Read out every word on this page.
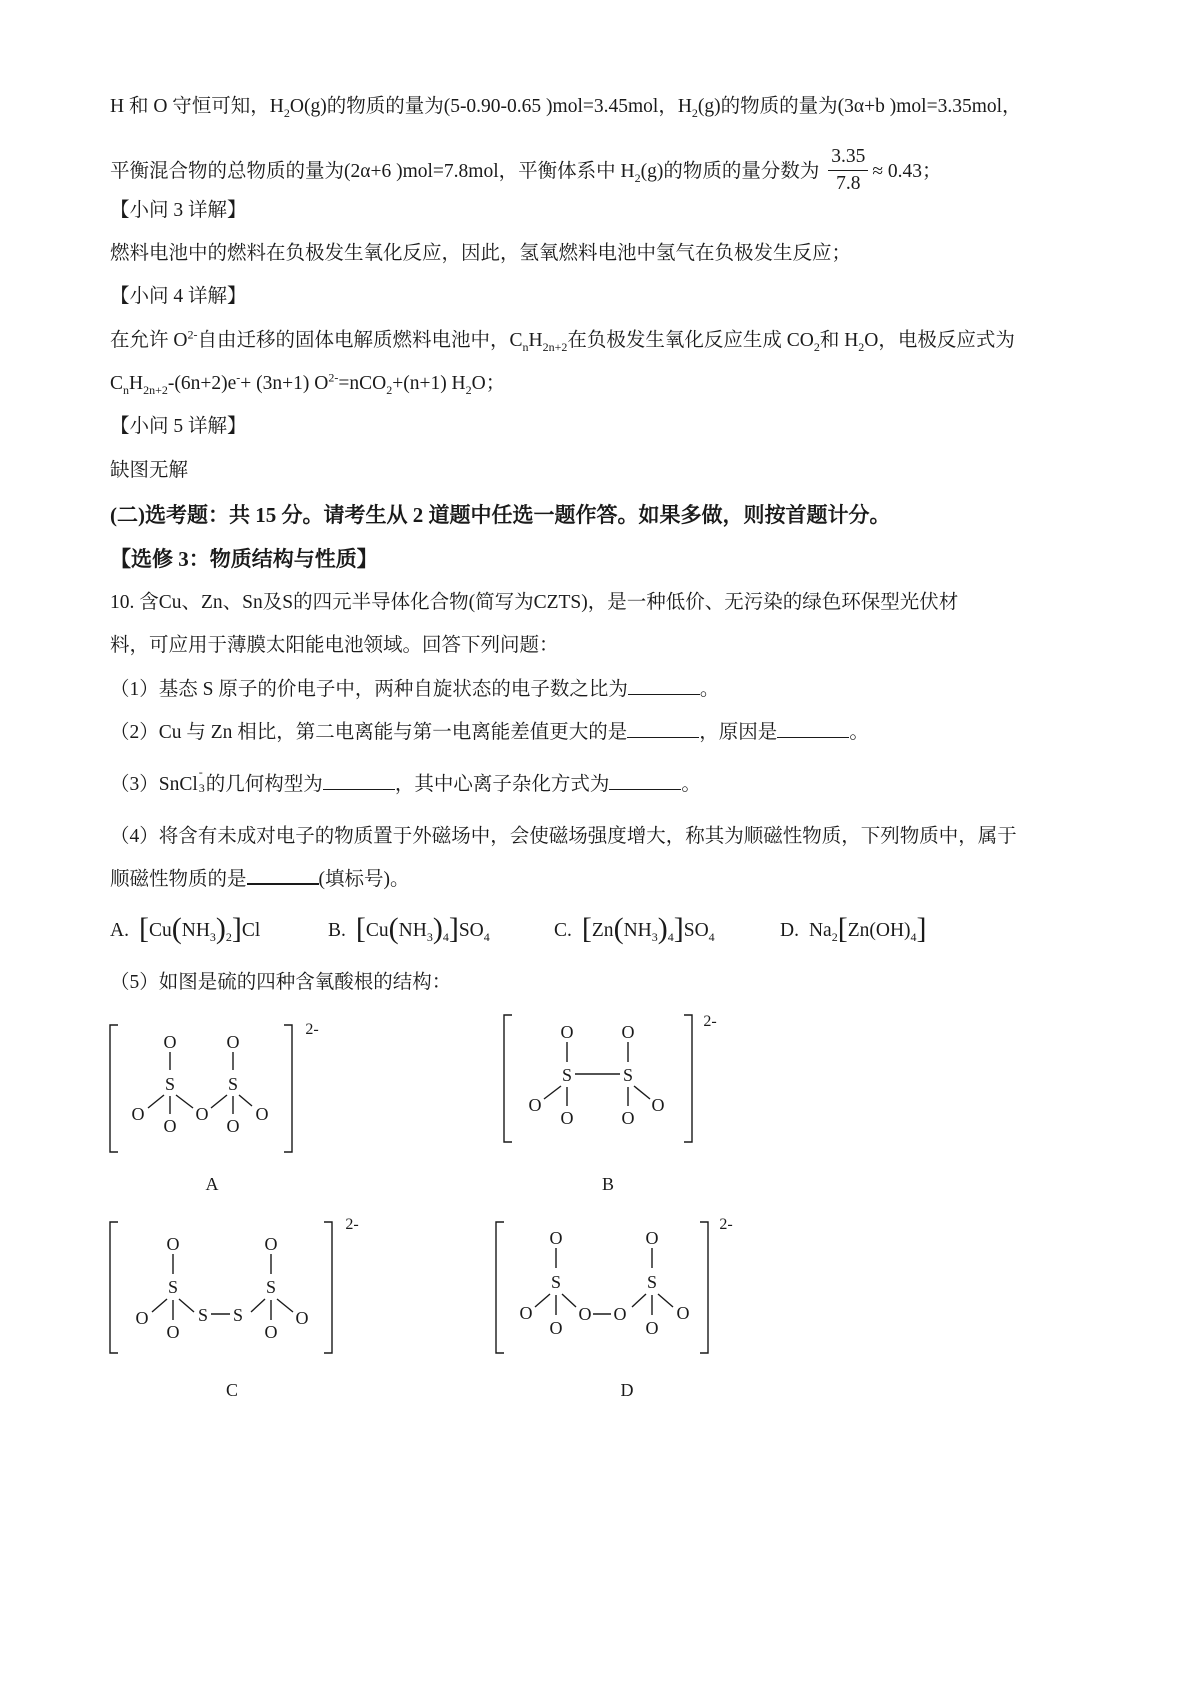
H 和 O 守恒可知，$H_2O(g)$的物质的量为(5-0.90-0.65 )mol=3.45mol，$H_2(g)$的物质的量为(3α+b )mol=3.35mol，
平衡混合物的总物质的量为(2α+6 )mol=7.8mol，平衡体系中 $H_2(g)$的物质的量分数为 $\frac{3.35}{7.8} \approx 0.43$；
【小问 3 详解】
燃料电池中的燃料在负极发生氧化反应，因此，氢氧燃料电池中氢气在负极发生反应；
【小问 4 详解】
在允许 $O^{2-}$自由迁移的固体电解质燃料电池中，$C_nH_{2n+2}$在负极发生氧化反应生成 $CO_2$和 $H_2O$，电极反应式为
$C_nH_{2n+2}-(6n+2)e^-+ (3n+1)$ $O^{2-}=nCO_2+(n+1)$ $H_2O$；
【小问 5 详解】
缺图无解
(二)选考题：共 15 分。请考生从 2 道题中任选一题作答。如果多做，则按首题计分。
【选修 3：物质结构与性质】
10. 含Cu、Zn、Sn及S的四元半导体化合物(简写为CZTS)，是一种低价、无污染的绿色环保型光伏材
料，可应用于薄膜太阳能电池领域。回答下列问题：
（1）基态 S 原子的价电子中，两种自旋状态的电子数之比为	。
（2）Cu 与 Zn 相比，第二电离能与第一电离能差值更大的是	，原因是	。
（3）SnCl
-
3 的几何构型为	，其中心离子杂化方式为	。
（4）将含有未成对电子的物质置于外磁场中，会使磁场强度增大，称其为顺磁性物质，下列物质中，属于
顺磁性物质的是	(填标号)。
A. $[Cu(NH_3)_2]Cl$	B. $[Cu(NH_3)_4]SO_4$	C. $[Zn(NH_3)_4]SO_4$	D. $Na_2[Zn(OH)_4]$
（5）如图是硫的四种含氧酸根的结构：
O	O
S	S
O
O
O
O
O
2-
A
O	O
S	S
O
O	O
O
2-
B
O	O
S	S
O
O
S S
O
O
2-
C
O	O
S	S
O
O
O O
O
O
2-
D
